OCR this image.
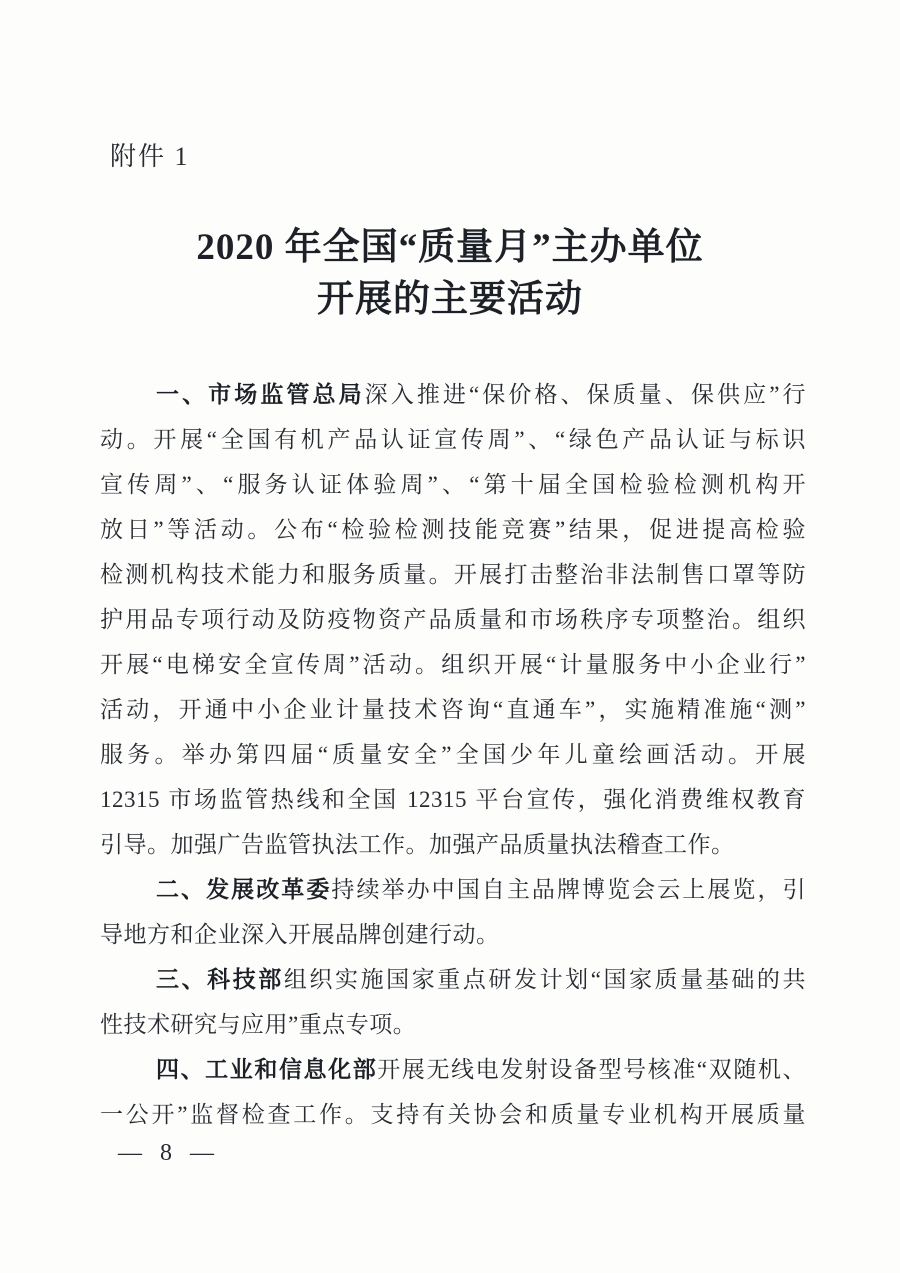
附件 1
2020 年全国“质量月”主办单位
开展的主要活动
一、市场监管总局深入推进“保价格、保质量、保供应”行
动。开展“全国有机产品认证宣传周”、“绿色产品认证与标识
宣传周”、“服务认证体验周”、“第十届全国检验检测机构开
放日”等活动。公布“检验检测技能竞赛”结果，促进提高检验
检测机构技术能力和服务质量。开展打击整治非法制售口罩等防
护用品专项行动及防疫物资产品质量和市场秩序专项整治。组织
开展“电梯安全宣传周”活动。组织开展“计量服务中小企业行”
活动，开通中小企业计量技术咨询“直通车”，实施精准施“测”
服务。举办第四届“质量安全”全国少年儿童绘画活动。开展
12315 市场监管热线和全国 12315 平台宣传，强化消费维权教育
引导。加强广告监管执法工作。加强产品质量执法稽查工作。
二、发展改革委持续举办中国自主品牌博览会云上展览，引
导地方和企业深入开展品牌创建行动。
三、科技部组织实施国家重点研发计划“国家质量基础的共
性技术研究与应用”重点专项。
四、工业和信息化部开展无线电发射设备型号核准“双随机、
一公开”监督检查工作。支持有关协会和质量专业机构开展质量
— 8 —
